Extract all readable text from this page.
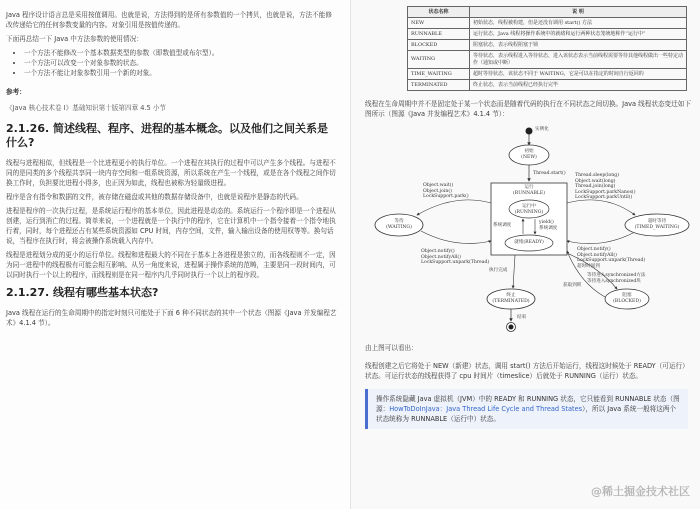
Java 程序设计语言总是采用按值调用。也就是说，方法得到的是所有参数值的一个拷贝，也就是说，方法不能修改传递给它的任何参数变量的内容。对象引用是按值传递的。

下面再总结一下 Java 中方法参数的使用情况：

• 一个方法不能修改一个基本数据类型的参数（即数值型或布尔型）。
• 一个方法可以改变一个对象参数的状态。
• 一个方法不能让对象参数引用一个新的对象。
参考：
《Java 核心技术卷 I》基础知识第十版第四章 4.5 小节
2.1.26. 简述线程、程序、进程的基本概念。以及他们之间关系是什么?

线程与进程相似，但线程是一个比进程更小的执行单位。一个进程在其执行的过程中可以产生多个线程。与进程不同的是同类的多个线程共享同一块内存空间和一组系统资源，所以系统在产生一个线程，或是在各个线程之间作切换工作时，负担要比进程小得多，也正因为如此，线程也被称为轻量级进程。

程序是含有指令和数据的文件，被存储在磁盘或其他的数据存储设备中，也就是说程序是静态的代码。

进程是程序的一次执行过程，是系统运行程序的基本单位，因此进程是动态的。系统运行一个程序即是一个进程从创建，运行到消亡的过程。简单来说，一个进程就是一个执行中的程序，它在计算机中一个指令接着一个指令地执行着，同时，每个进程还占有某些系统资源如 CPU 时间，内存空间，文件，输入输出设备的使用权等等。换句话说，当程序在执行时，将会被操作系统载入内存中。

线程是进程划分成的更小的运行单位。线程和进程最大的不同在于基本上各进程是独立的，而各线程则不一定，因为同一进程中的线程极有可能会相互影响。从另一角度来说，进程属于操作系统的范畴，主要是同一段时间内，可以同时执行一个以上的程序，而线程则是在同一程序内几乎同时执行一个以上的程序段。

2.1.27. 线程有哪些基本状态?

Java 线程在运行的生命周期中的指定时刻只可能处于下面 6 种不同状态的其中一个状态（图源《Java 并发编程艺术》4.1.4 节）。

状态名称	说 明
NEW	初始状态，线程被构建，但是还没有调用 start() 方法
RUNNABLE	运行状态，Java 线程将操作系统中的就绪和运行两种状态笼统地称作“运行中”
BLOCKED	阻塞状态，表示线程阻塞于锁
WAITING	等待状态，表示线程进入等待状态，进入该状态表示当前线程需要等待其他线程做出一些特定动作（通知或中断）
TIME_WAITING	超时等待状态，该状态不同于 WAITING，它是可以在指定的时间自行返回的
TERMINATED	终止状态，表示当前线程已经执行完毕

线程在生命周期中并不是固定处于某一个状态而是随着代码的执行在不同状态之间切换。Java 线程状态变迁如下图所示（图源《Java 并发编程艺术》4.1.4 节）：

实例化
初始
(NEW)
Thread.start()
运行
(RUNNABLE)
运行中
(RUNNING)
就绪(READY)
系统调度
yield()
系统调度
等待
(WAITING)
超时等待
(TIMED_WAITING)
终止
(TERMINATED)
阻塞
(BLOCKED)
Object.wait()
Object.join()
LockSupport.park()
Object.notify()
Object.notifyAll()
LockSupport.unpark(Thread)
Thread.sleep(long)
Object.wait(long)
Thread.join(long)
LockSupport.parkNanos()
LockSupport.parkUntil()
Object.notify()
Object.notifyAll()
LockSupport.unpark(Thread)
超时时间到
等待进入synchronized方法
等待进入synchronized块
获取到锁
执行完成
结束

由上图可以看出：

线程创建之后它将处于 NEW（新建）状态，调用 start() 方法后开始运行，线程这时候处于 READY（可运行）状态。可运行状态的线程获得了 cpu 时间片（timeslice）后就处于 RUNNING（运行）状态。

操作系统隐藏 Java 虚拟机（JVM）中的 READY 和 RUNNING 状态，它只能看到 RUNNABLE 状态（图源：HowToDoInJava：Java Thread Life Cycle and Thread States），所以 Java 系统一般将这两个状态统称为 RUNNABLE（运行中）状态。
@稀土掘金技术社区
